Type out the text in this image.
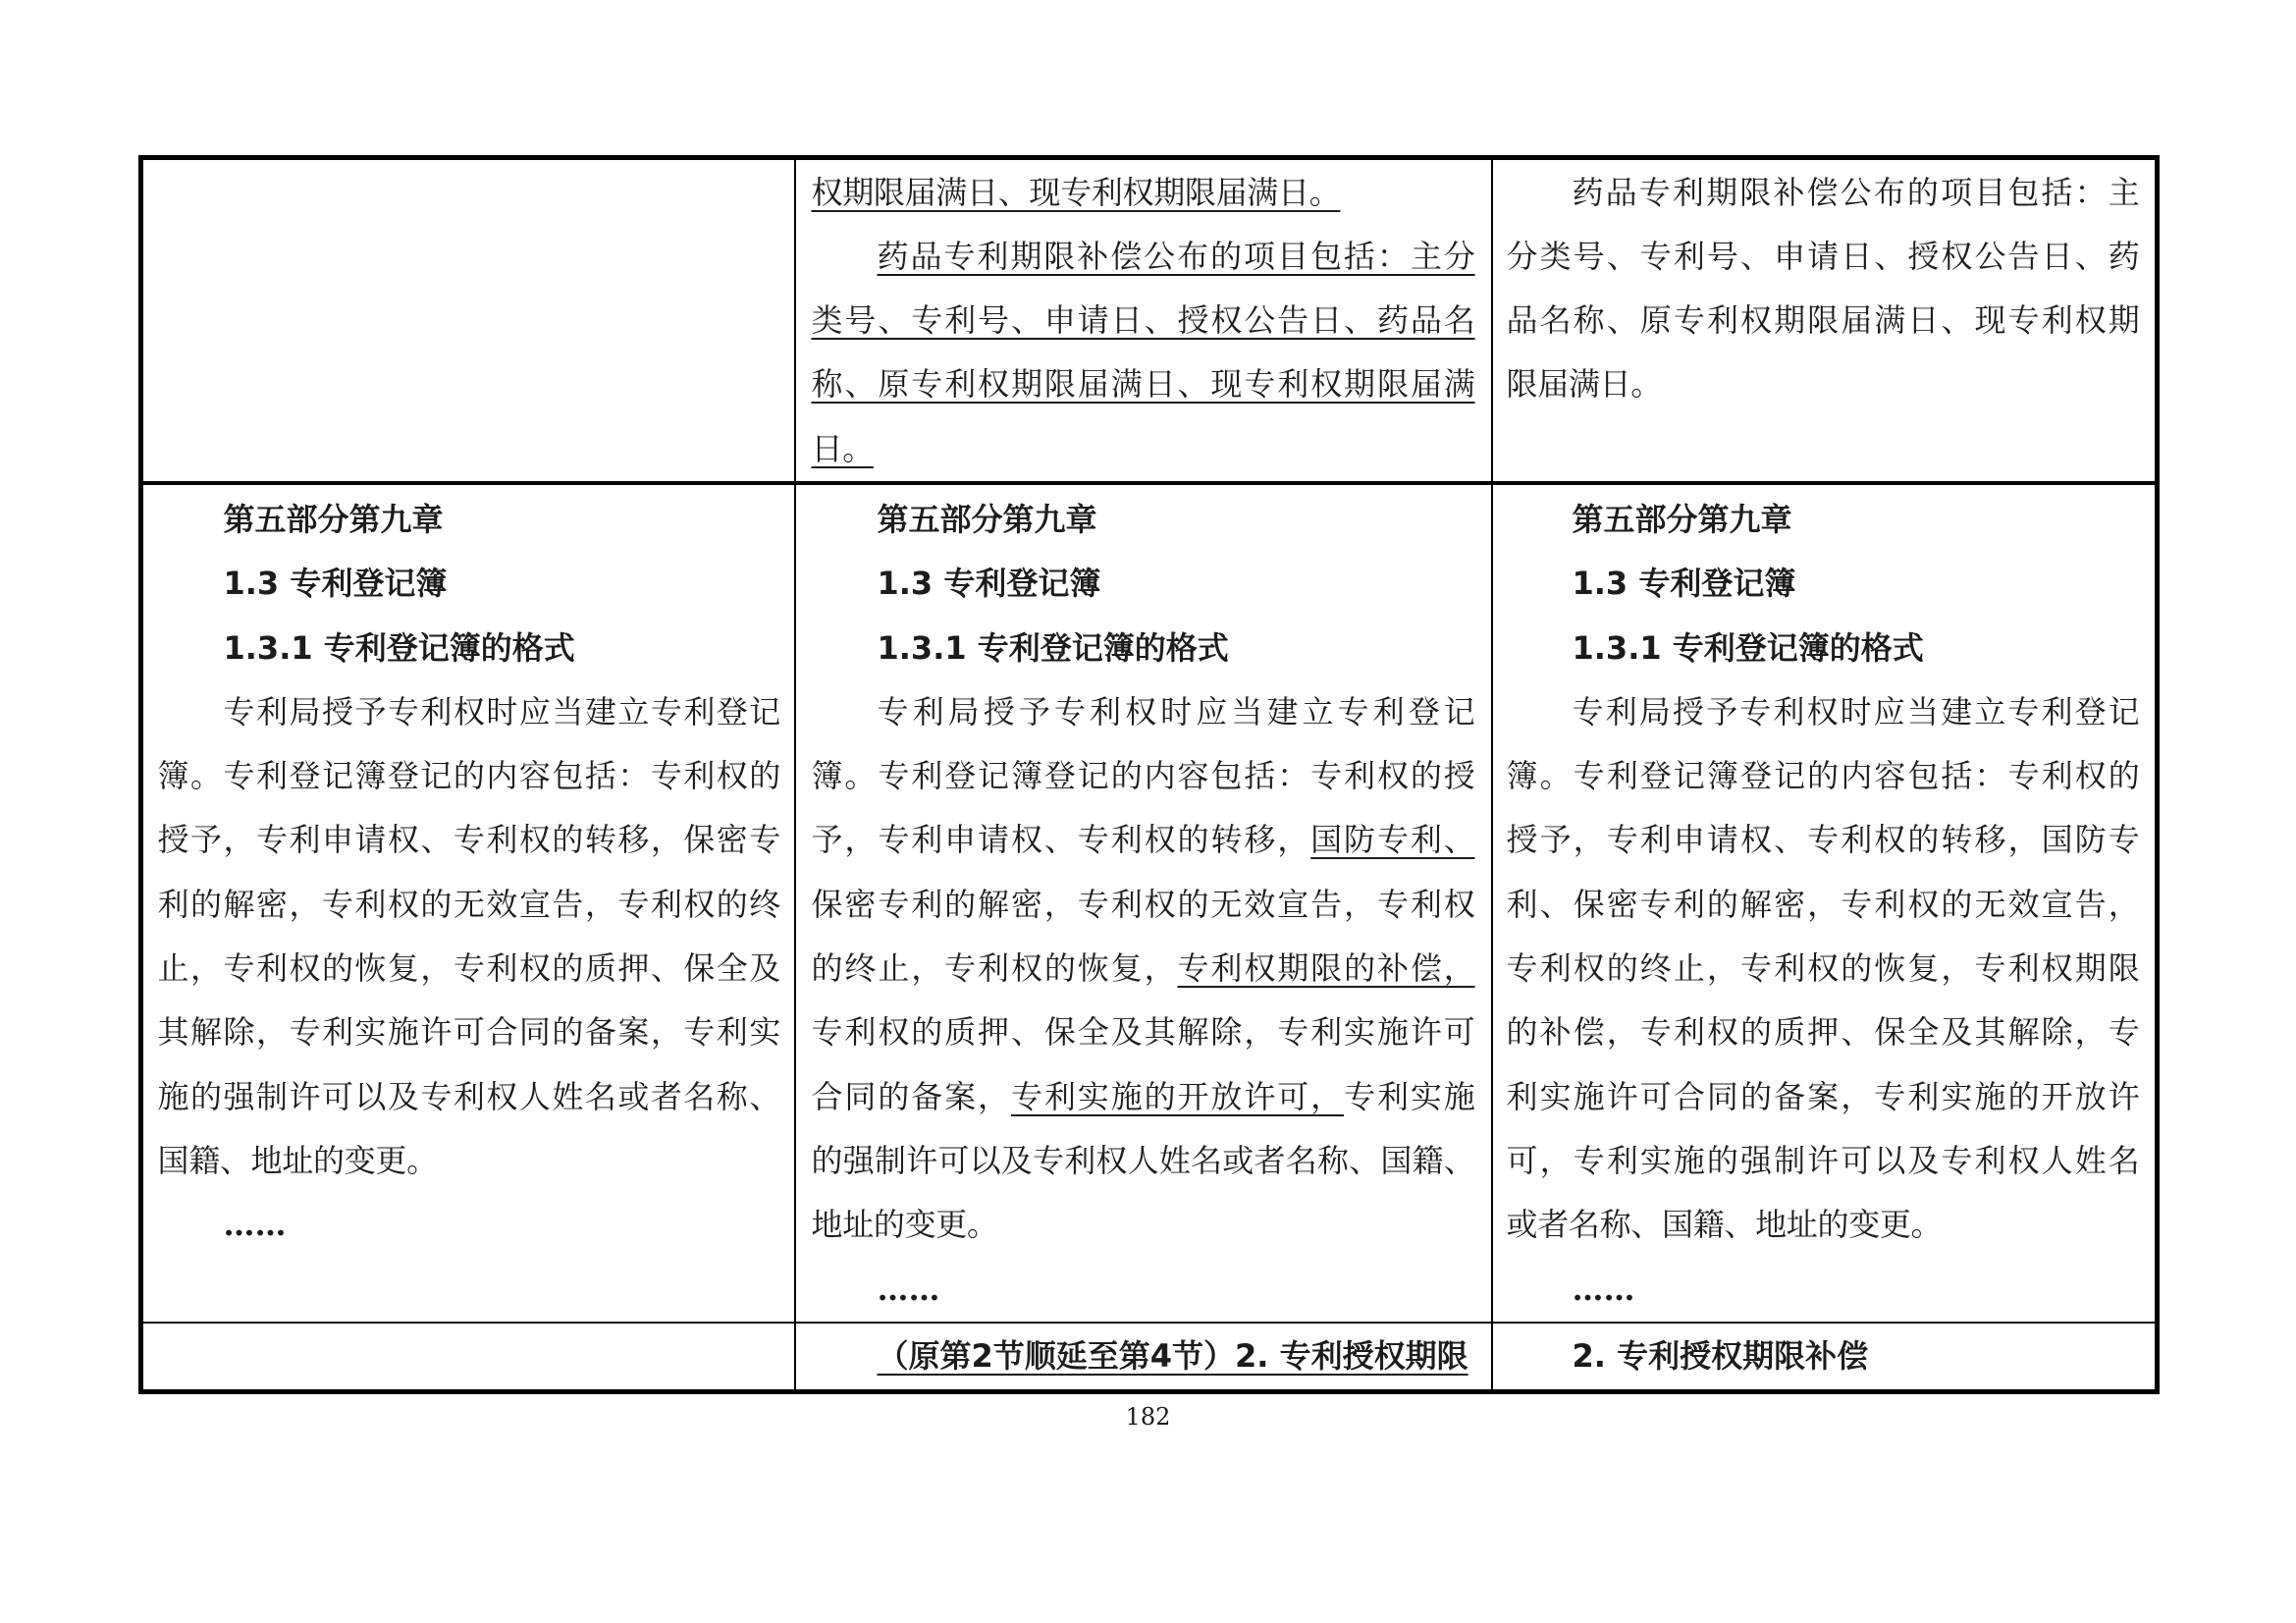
权期限届满日、现专利权期限届满日。
药品专利期限补偿公布的项目包括：主分
类号、专利号、申请日、授权公告日、药品名
称、原专利权期限届满日、现专利权期限届满
日。
药品专利期限补偿公布的项目包括：主
分类号、专利号、申请日、授权公告日、药
品名称、原专利权期限届满日、现专利权期
限届满日。
第五部分第九章
1.3 专利登记簿
1.3.1 专利登记簿的格式
专利局授予专利权时应当建立专利登记
簿。专利登记簿登记的内容包括：专利权的
授予，专利申请权、专利权的转移，保密专
利的解密，专利权的无效宣告，专利权的终
止，专利权的恢复，专利权的质押、保全及
其解除，专利实施许可合同的备案，专利实
施的强制许可以及专利权人姓名或者名称、
国籍、地址的变更。
……
第五部分第九章
1.3 专利登记簿
1.3.1 专利登记簿的格式
专利局授予专利权时应当建立专利登记
簿。专利登记簿登记的内容包括：专利权的授
予，专利申请权、专利权的转移，国防专利、
保密专利的解密，专利权的无效宣告，专利权
的终止，专利权的恢复，专利权期限的补偿，
专利权的质押、保全及其解除，专利实施许可
合同的备案，专利实施的开放许可，专利实施
的强制许可以及专利权人姓名或者名称、国籍、
地址的变更。
……
第五部分第九章
1.3 专利登记簿
1.3.1 专利登记簿的格式
专利局授予专利权时应当建立专利登记
簿。专利登记簿登记的内容包括：专利权的
授予，专利申请权、专利权的转移，国防专
利、保密专利的解密，专利权的无效宣告，
专利权的终止，专利权的恢复，专利权期限
的补偿，专利权的质押、保全及其解除，专
利实施许可合同的备案，专利实施的开放许
可，专利实施的强制许可以及专利权人姓名
或者名称、国籍、地址的变更。
……
（原第2节顺延至第4节）2. 专利授权期限	2. 专利授权期限补偿
182
